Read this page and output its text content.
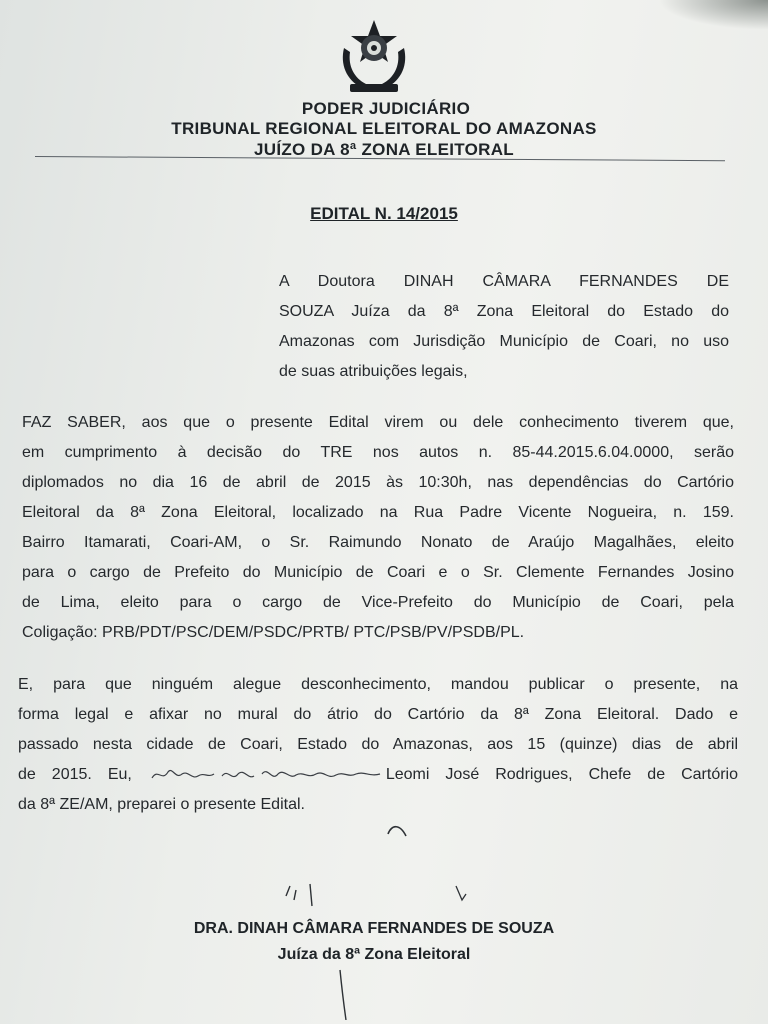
PODER JUDICIÁRIO
TRIBUNAL REGIONAL ELEITORAL DO AMAZONAS
JUÍZO DA 8ª ZONA ELEITORAL
EDITAL N. 14/2015
A Doutora DINAH CÂMARA FERNANDES DE
SOUZA Juíza da 8ª Zona Eleitoral do Estado do
Amazonas com Jurisdição Município de Coari, no uso
de suas atribuições legais,
FAZ SABER, aos que o presente Edital virem ou dele conhecimento tiverem que,
em cumprimento à decisão do TRE nos autos n. 85-44.2015.6.04.0000, serão
diplomados no dia 16 de abril de 2015 às 10:30h, nas dependências do Cartório
Eleitoral da 8ª Zona Eleitoral, localizado na Rua Padre Vicente Nogueira, n. 159.
Bairro Itamarati, Coari-AM, o Sr. Raimundo Nonato de Araújo Magalhães, eleito
para o cargo de Prefeito do Município de Coari e o Sr. Clemente Fernandes Josino
de Lima, eleito para o cargo de Vice-Prefeito do Município de Coari, pela
Coligação: PRB/PDT/PSC/DEM/PSDC/PRTB/ PTC/PSB/PV/PSDB/PL.
E, para que ninguém alegue desconhecimento, mandou publicar o presente, na
forma legal e afixar no mural do átrio do Cartório da 8ª Zona Eleitoral. Dado e
passado nesta cidade de Coari, Estado do Amazonas, aos 15 (quinze) dias de abril
de 2015. Eu,	Leomi José Rodrigues, Chefe de Cartório
da 8ª ZE/AM, preparei o presente Edital.
DRA. DINAH CÂMARA FERNANDES DE SOUZA
Juíza da 8ª Zona Eleitoral
